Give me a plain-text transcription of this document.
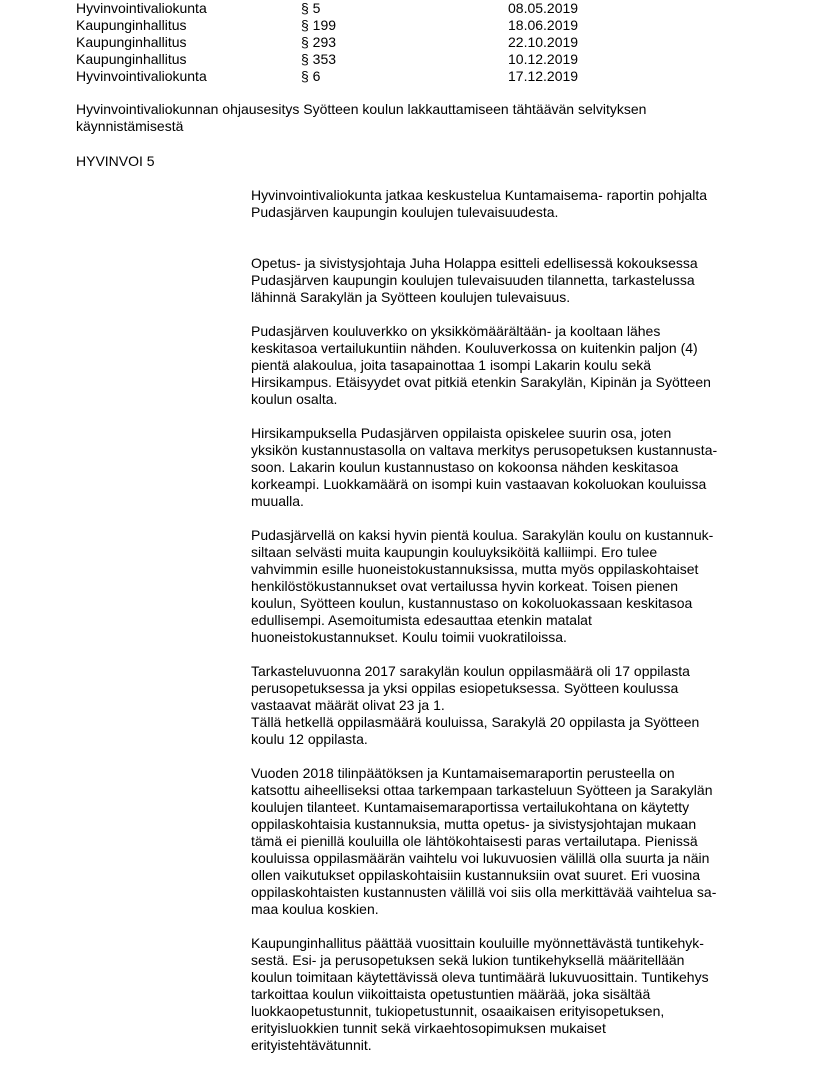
Hyvinvointivaliokunta	§ 5	08.05.2019
Kaupunginhallitus	§ 199	18.06.2019
Kaupunginhallitus	§ 293	22.10.2019
Kaupunginhallitus	§ 353	10.12.2019
Hyvinvointivaliokunta	§ 6	17.12.2019
Hyvinvointivaliokunnan ohjausesitys Syötteen koulun lakkauttamiseen tähtäävän selvityksen
käynnistämisestä
HYVINVOI 5

Hyvinvointivaliokunta jatkaa keskustelua Kuntamaisema- raportin pohjalta
Pudasjärven kaupungin koulujen tulevaisuudesta.

Opetus- ja sivistysjohtaja Juha Holappa esitteli edellisessä kokouksessa
Pudasjärven kaupungin koulujen tulevaisuuden tilannetta, tarkastelussa
lähinnä Sarakylän ja Syötteen koulujen tulevaisuus.

Pudasjärven kouluverkko on yksikkömäärältään- ja kooltaan lähes
keskitasoa vertailukuntiin nähden. Kouluverkossa on kuitenkin paljon (4)
pientä alakoulua, joita tasapainottaa 1 isompi Lakarin koulu sekä
Hirsikampus. Etäisyydet ovat pitkiä etenkin Sarakylän, Kipinän ja Syötteen
koulun osalta.

Hirsikampuksella Pudasjärven oppilaista opiskelee suurin osa, joten
yksikön kustannustasolla on valtava merkitys perusopetuksen kustannusta-
soon. Lakarin koulun kustannustaso on kokoonsa nähden keskitasoa
korkeampi. Luokkamäärä on isompi kuin vastaavan kokoluokan kouluissa
muualla.

Pudasjärvellä on kaksi hyvin pientä koulua. Sarakylän koulu on kustannuk-
siltaan selvästi muita kaupungin kouluyksiköitä kalliimpi. Ero tulee
vahvimmin esille huoneistokustannuksissa, mutta myös oppilaskohtaiset
henkilöstökustannukset ovat vertailussa hyvin korkeat. Toisen pienen
koulun, Syötteen koulun, kustannustaso on kokoluokassaan keskitasoa
edullisempi. Asemoitumista edesauttaa etenkin matalat
huoneistokustannukset. Koulu toimii vuokratiloissa.

Tarkasteluvuonna 2017 sarakylän koulun oppilasmäärä oli 17 oppilasta
perusopetuksessa ja yksi oppilas esiopetuksessa. Syötteen koulussa
vastaavat määrät olivat 23 ja 1.
Tällä hetkellä oppilasmäärä kouluissa, Sarakylä 20 oppilasta ja Syötteen
koulu 12 oppilasta.

Vuoden 2018 tilinpäätöksen ja Kuntamaisemaraportin perusteella on
katsottu aiheelliseksi ottaa tarkempaan tarkasteluun Syötteen ja Sarakylän
koulujen tilanteet. Kuntamaisemaraportissa vertailukohtana on käytetty
oppilaskohtaisia kustannuksia, mutta opetus- ja sivistysjohtajan mukaan
tämä ei pienillä kouluilla ole lähtökohtaisesti paras vertailutapa. Pienissä
kouluissa oppilasmäärän vaihtelu voi lukuvuosien välillä olla suurta ja näin
ollen vaikutukset oppilaskohtaisiin kustannuksiin ovat suuret. Eri vuosina
oppilaskohtaisten kustannusten välillä voi siis olla merkittävää vaihtelua sa-
maa koulua koskien.

Kaupunginhallitus päättää vuosittain kouluille myönnettävästä tuntikehyk-
sestä. Esi- ja perusopetuksen sekä lukion tuntikehyksellä määritellään
koulun toimitaan käytettävissä oleva tuntimäärä lukuvuosittain. Tuntikehys
tarkoittaa koulun viikoittaista opetustuntien määrää, joka sisältää
luokkaopetustunnit, tukiopetustunnit, osaaikaisen erityisopetuksen,
erityisluokkien tunnit sekä virkaehtosopimuksen mukaiset
erityistehtävätunnit.
